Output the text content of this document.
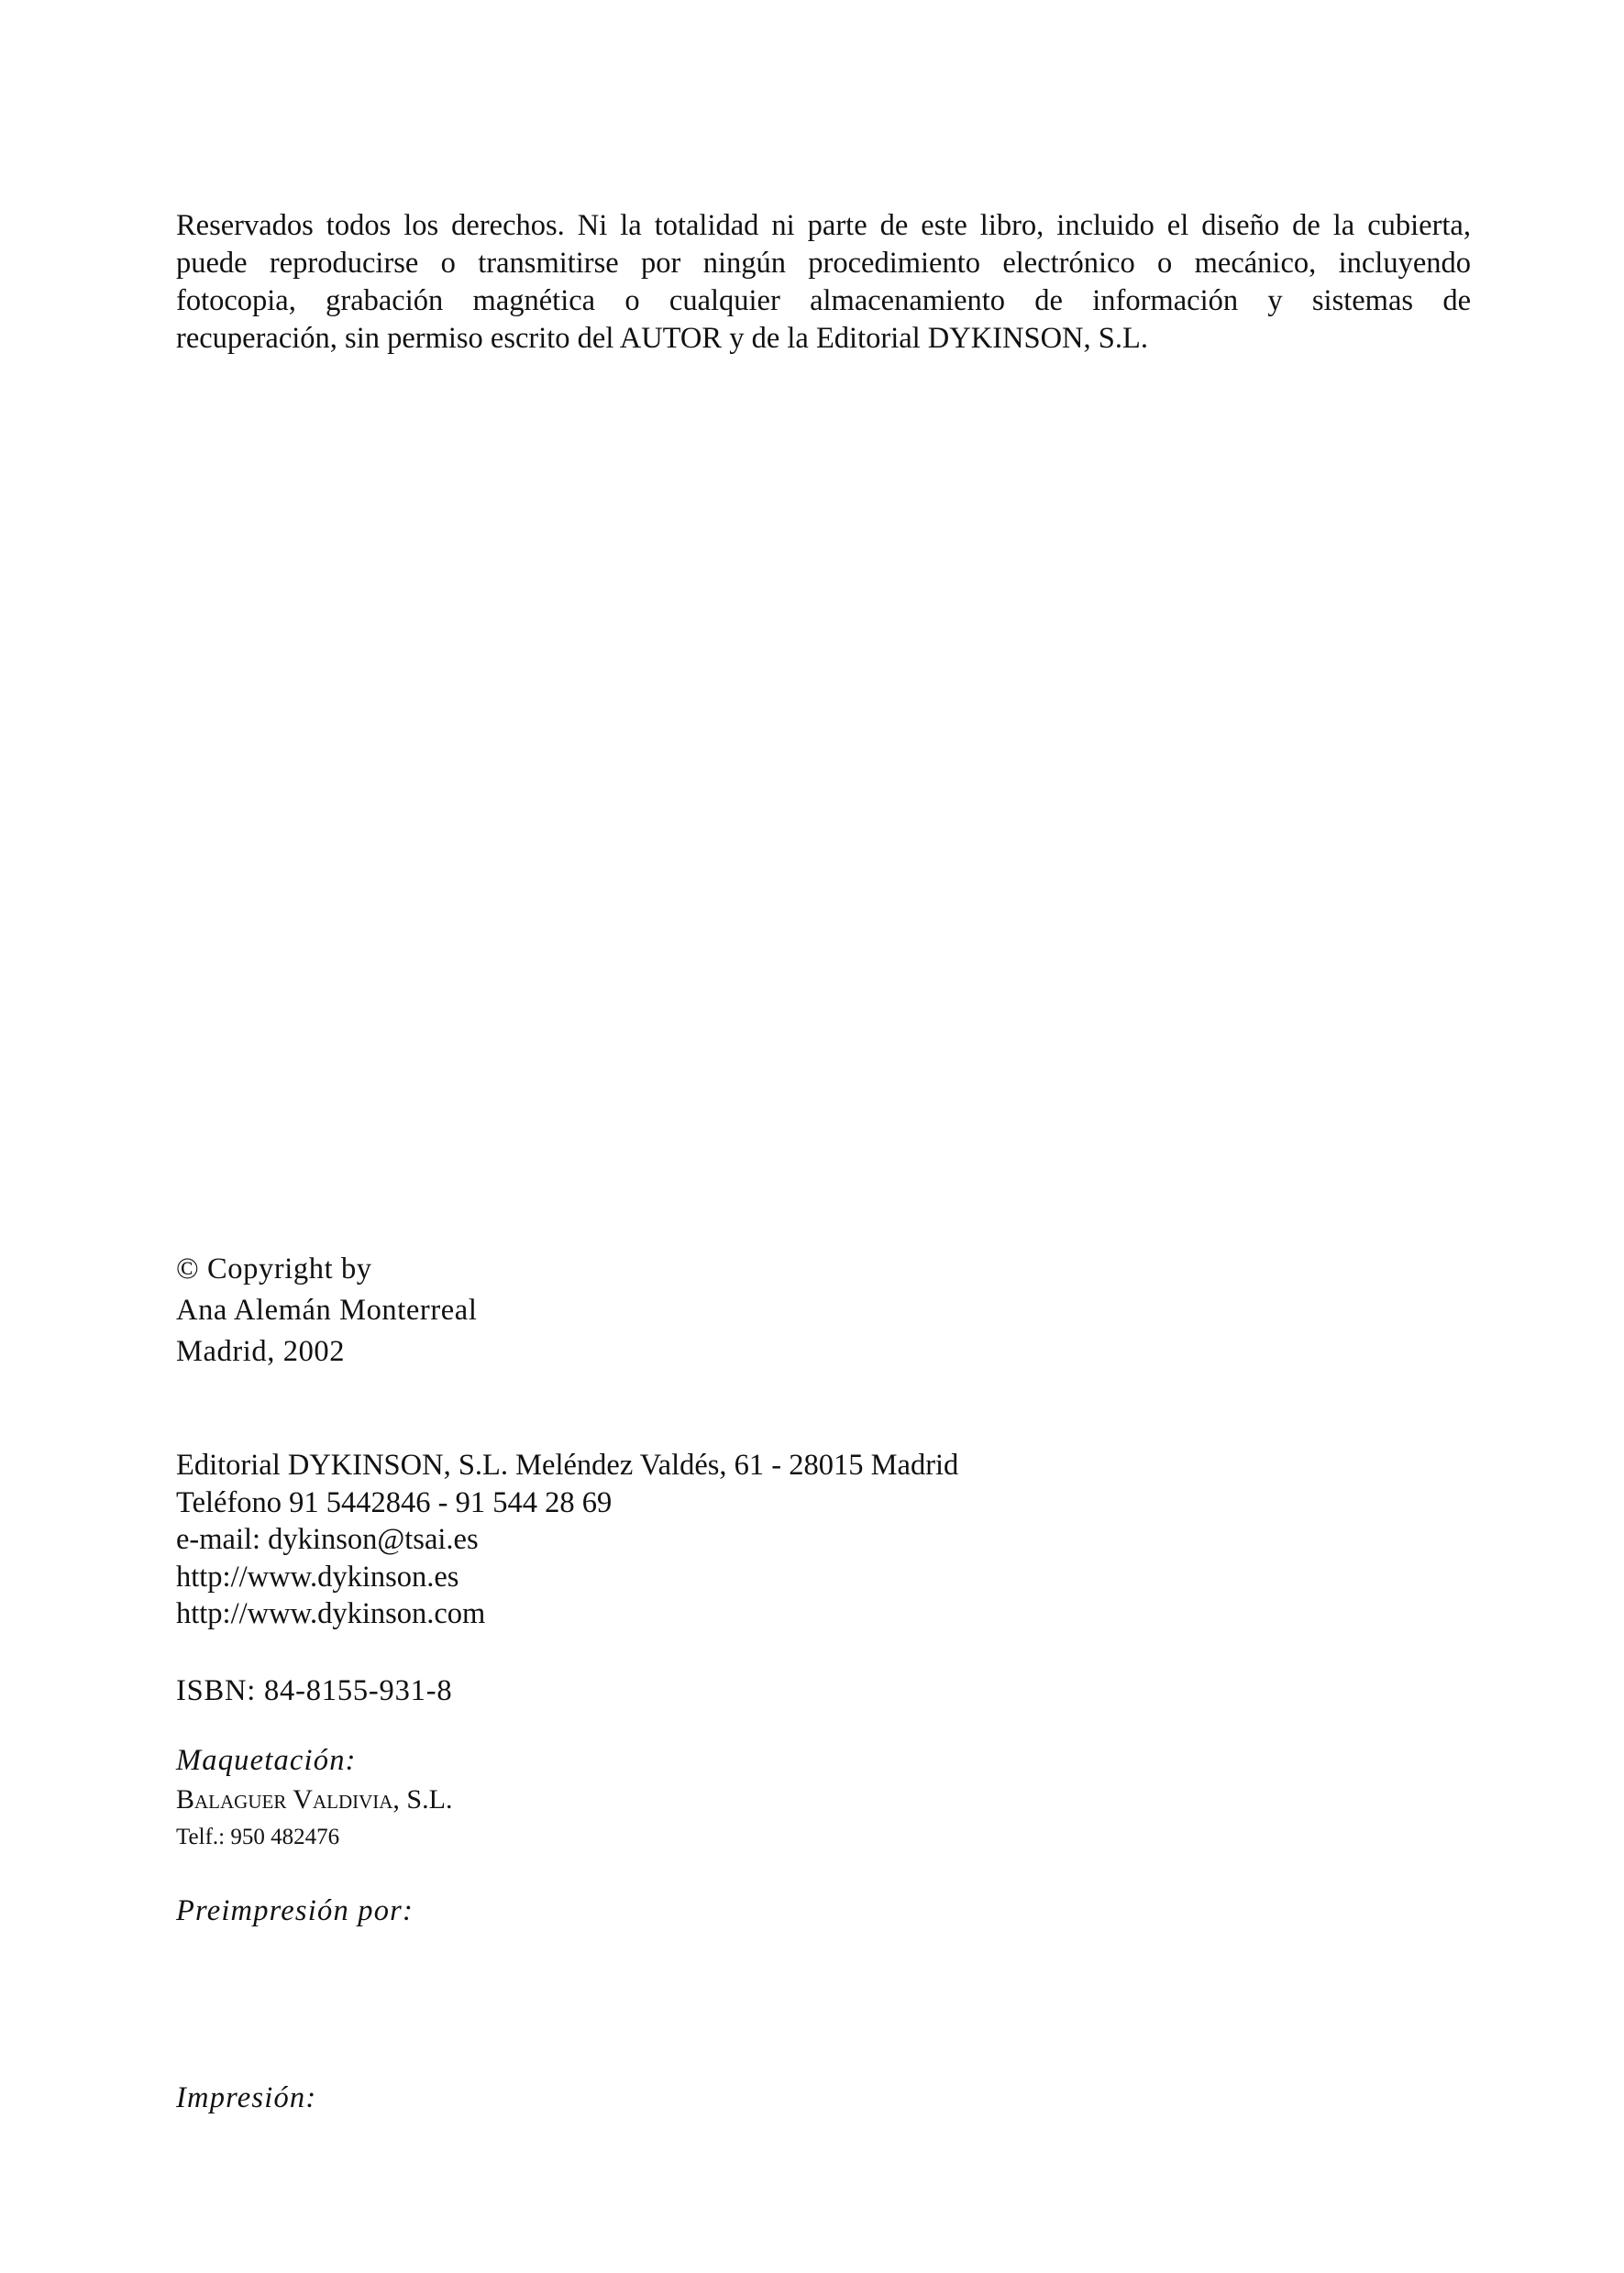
Reservados todos los derechos. Ni la totalidad ni parte de este libro, incluido el diseño de la cubierta,
puede reproducirse o transmitirse por ningún procedimiento electrónico o mecánico, incluyendo
fotocopia, grabación magnética o cualquier almacenamiento de información y sistemas de
recuperación, sin permiso escrito del AUTOR y de la Editorial DYKINSON, S.L.
© Copyright by
Ana Alemán Monterreal
Madrid, 2002
Editorial DYKINSON, S.L. Meléndez Valdés, 61 - 28015 Madrid
Teléfono 91 5442846 - 91 544 28 69
e-mail: dykinson@tsai.es
http://www.dykinson.es
http://www.dykinson.com
ISBN: 84-8155-931-8
Maquetación:
Balaguer Valdivia, S.L.
Telf.: 950 482476
Preimpresión por:
Impresión:
